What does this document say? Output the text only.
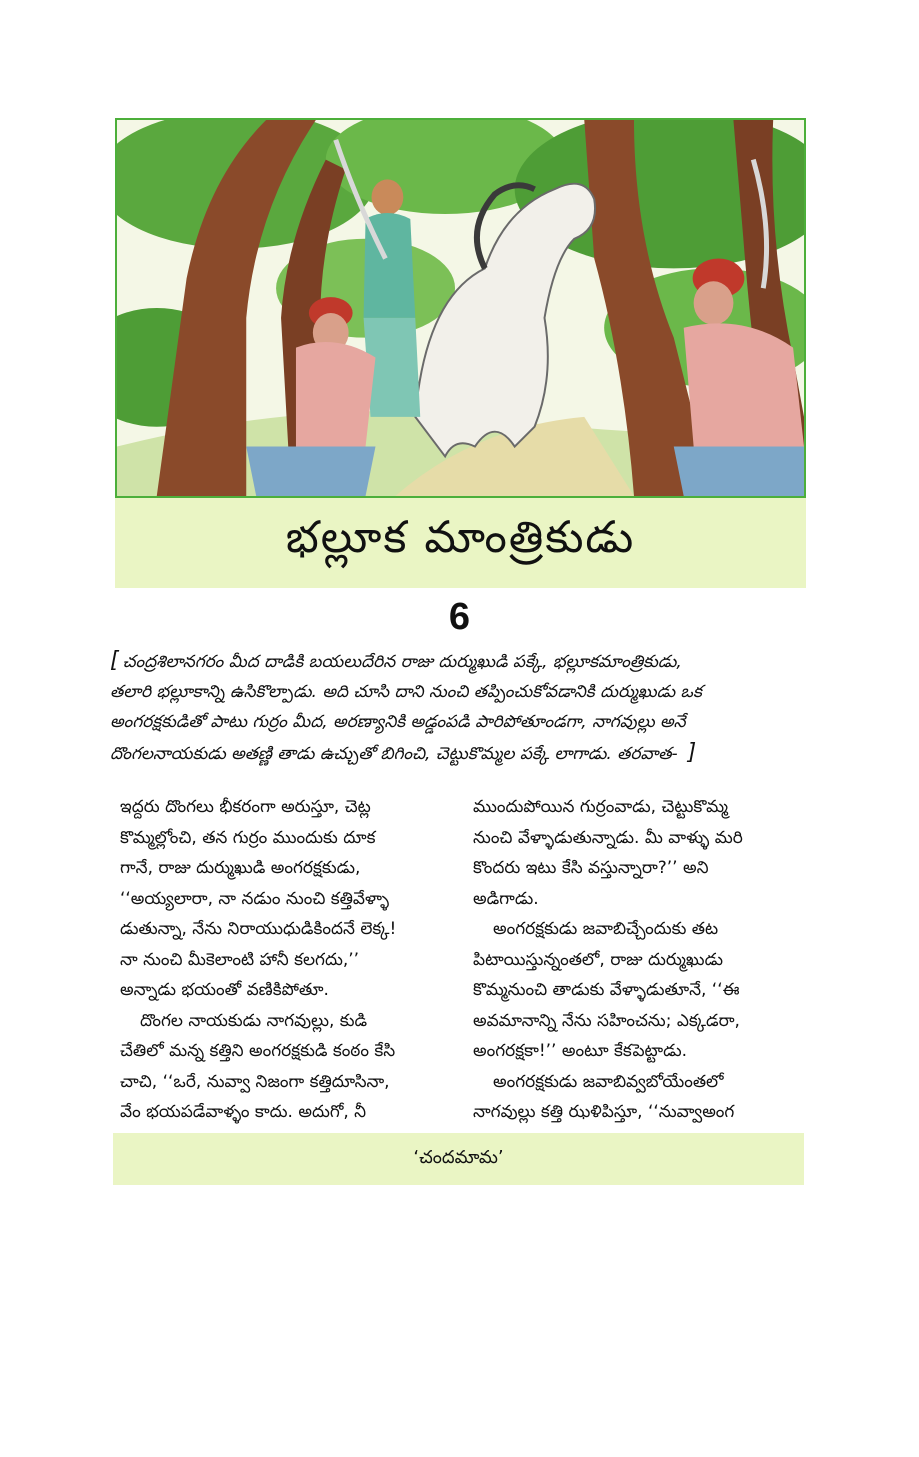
భల్లూక మాంత్రికుడు
6
[ చంద్రశిలానగరం మీద దాడికి బయలుదేరిన రాజు దుర్ముఖుడి పక్కే, భల్లూకమాంత్రికుడు,
తలారి భల్లూకాన్ని ఉసికొల్పాడు. అది చూసి దాని నుంచి తప్పించుకోవడానికి దుర్ముఖుడు ఒక
అంగరక్షకుడితో పాటు గుర్రం మీద, అరణ్యానికి అడ్డంపడి పారిపోతూండగా, నాగవుల్లు అనే
దొంగలనాయకుడు అతణ్ణి తాడు ఉచ్చుతో బిగించి, చెట్టుకొమ్మల పక్కే లాగాడు. తరవాత- ]
ఇద్దరు దొంగలు భీకరంగా అరుస్తూ, చెట్ల
కొమ్మల్లోంచి, తన గుర్రం ముందుకు దూక
గానే, రాజు దుర్ముఖుడి అంగరక్షకుడు,
‘‘అయ్యలారా, నా నడుం నుంచి కత్తివేళ్ళా
డుతున్నా, నేను నిరాయుధుడికిందనే లెక్క!
నా నుంచి మీకెలాంటి హానీ కలగదు,’’
అన్నాడు భయంతో వణికిపోతూ.
దొంగల నాయకుడు నాగవుల్లు, కుడి
చేతిలో మన్న కత్తిని అంగరక్షకుడి కంఠం కేసి
చాచి, ‘‘ఒరే, నువ్వా నిజంగా కత్తిదూసినా,
వేం భయపడేవాళ్ళం కాదు. అదుగో, నీ
ముందుపోయిన గుర్రంవాడు, చెట్టుకొమ్మ
నుంచి వేళ్ళాడుతున్నాడు. మీ వాళ్ళు మరి
కొందరు ఇటు కేసి వస్తున్నారా?’’ అని
అడిగాడు.
అంగరక్షకుడు జవాబిచ్చేందుకు తట
పిటాయిస్తున్నంతలో, రాజు దుర్ముఖుడు
కొమ్మనుంచి తాడుకు వేళ్ళాడుతూనే, ‘‘ఈ
అవమానాన్ని నేను సహించను; ఎక్కడరా,
అంగరక్షకా!’’ అంటూ కేకపెట్టాడు.
అంగరక్షకుడు జవాబివ్వబోయేంతలో
నాగవుల్లు కత్తి ఝళిపిస్తూ, ‘‘నువ్వాఅంగ
‘చందమామ’
